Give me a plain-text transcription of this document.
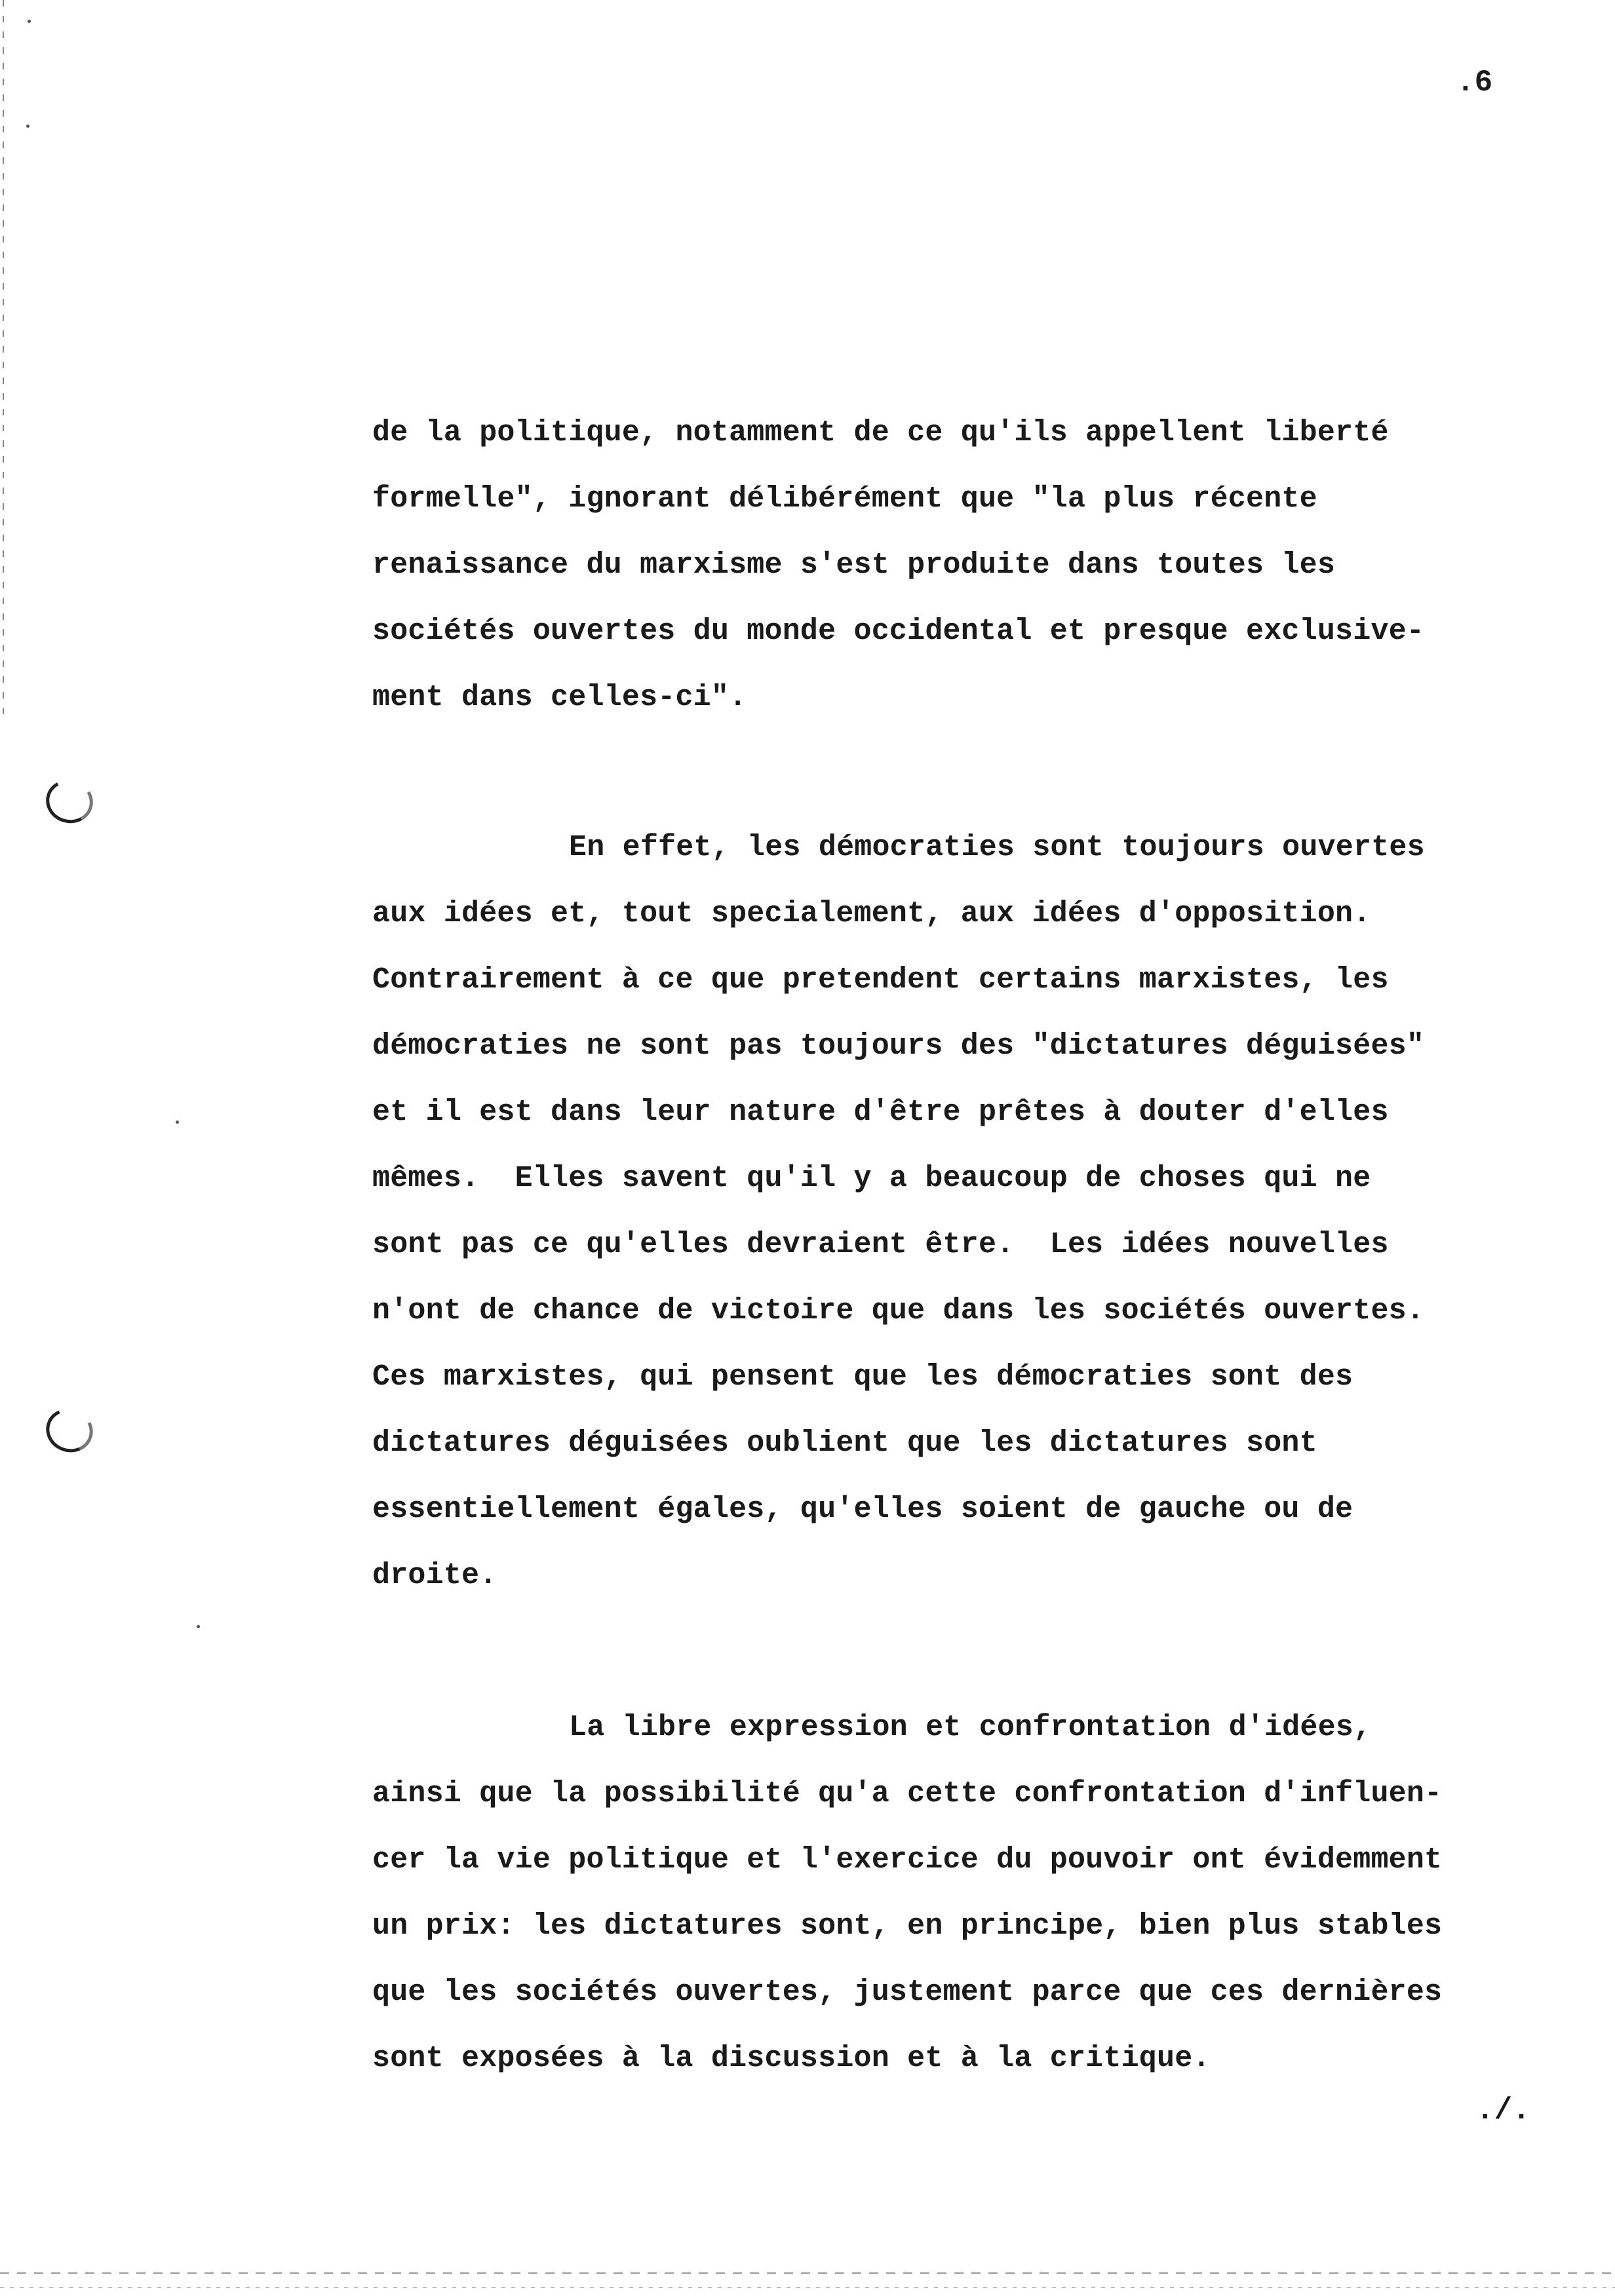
.6
de la politique, notamment de ce qu'ils appellent liberté
formelle", ignorant délibérément que "la plus récente
renaissance du marxisme s'est produite dans toutes les
sociétés ouvertes du monde occidental et presque exclusive-
ment dans celles-ci".
En effet, les démocraties sont toujours ouvertes
aux idées et, tout specialement, aux idées d'opposition.
Contrairement à ce que pretendent certains marxistes, les
démocraties ne sont pas toujours des "dictatures déguisées"
et il est dans leur nature d'être prêtes à douter d'elles
mêmes.  Elles savent qu'il y a beaucoup de choses qui ne
sont pas ce qu'elles devraient être.  Les idées nouvelles
n'ont de chance de victoire que dans les sociétés ouvertes.
Ces marxistes, qui pensent que les démocraties sont des
dictatures déguisées oublient que les dictatures sont
essentiellement égales, qu'elles soient de gauche ou de
droite.
La libre expression et confrontation d'idées,
ainsi que la possibilité qu'a cette confrontation d'influen-
cer la vie politique et l'exercice du pouvoir ont évidemment
un prix: les dictatures sont, en principe, bien plus stables
que les sociétés ouvertes, justement parce que ces dernières
sont exposées à la discussion et à la critique.
./.
